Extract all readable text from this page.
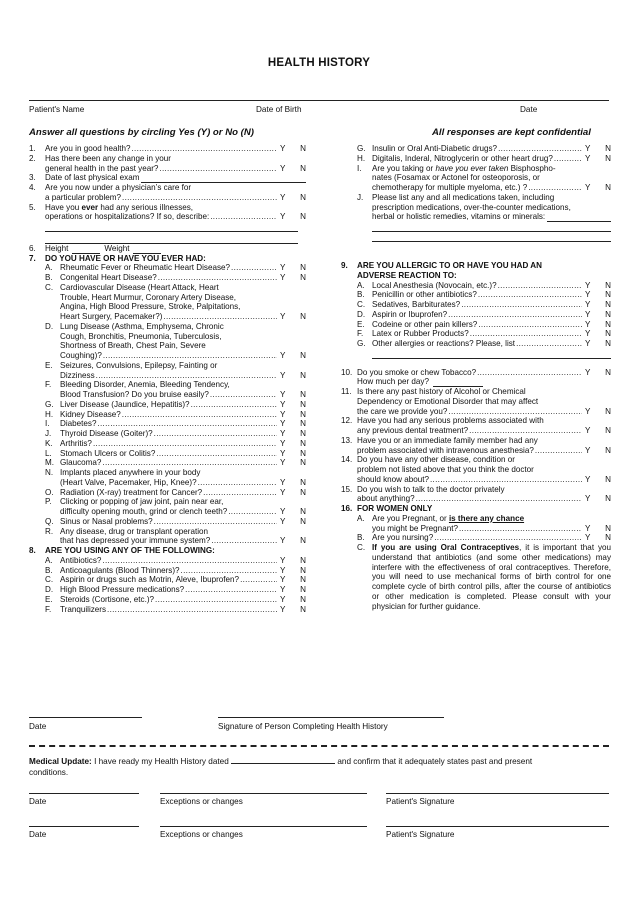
HEALTH HISTORY
Patient's Name	Date of Birth	Date
Answer all questions by circling Yes (Y) or No (N)	All responses are kept confidential
1.	Are you in good health? .....	Y N
2.	Has there been any change in your
general health in the past year? .....	Y N
3.	Date of last physical exam
4.	Are you now under a physician’s care for
a particular problem? .....	Y N
5.	Have you ever had any serious illnesses,
operations or hospitalizations? If so, describe: .....	Y N
6.	Height	Weight
7.	DO YOU HAVE OR HAVE YOU EVER HAD:
A. Rheumatic Fever or Rheumatic Heart Disease? .....	Y N
B. Congenital Heart Disease? .....	Y N
C. Cardiovascular Disease (Heart Attack, Heart
Trouble, Heart Murmur, Coronary Artery Disease,
Angina, High Blood Pressure, Stroke, Palpitations,
Heart Surgery, Pacemaker?) .....	Y N
D. Lung Disease (Asthma, Emphysema, Chronic
Cough, Bronchitis, Pneumonia, Tuberculosis,
Shortness of Breath, Chest Pain, Severe
Coughing)? .....	Y N
E. Seizures, Convulsions, Epilepsy, Fainting or
Dizziness .....	Y N
F.	Bleeding Disorder, Anemia, Bleeding Tendency,
Blood Transfusion? Do you bruise easily? .....	Y N
G. Liver Disease (Jaundice, Hepatitis)? .....	Y N
H. Kidney Disease? .....	Y N
I.	Diabetes? .....	Y N
J.	Thyroid Disease (Goiter)? .....	Y N
K. Arthritis? .....	Y N
L.	Stomach Ulcers or Colitis? .....	Y N
M. Glaucoma? .....	Y N
N. Implants placed anywhere in your body
(Heart Valve, Pacemaker, Hip, Knee)? .....	Y N
O. Radiation (X-ray) treatment for Cancer? .....	Y N
P.	Clicking or popping of jaw joint, pain near ear,
difficulty opening mouth, grind or clench teeth? .....	Y N
Q. Sinus or Nasal problems? .....	Y N
R. Any disease, drug or transplant operation
that has depressed your immune system? .....	Y N
8.	ARE YOU USING ANY OF THE FOLLOWING:
A. Antibiotics? .....	Y N
B. Anticoagulants (Blood Thinners)? .....	Y N
C. Aspirin or drugs such as Motrin, Aleve, Ibuprofen? .....	Y N
D. High Blood Pressure medications? .....	Y N
E. Steroids (Cortisone, etc.)? .....	Y N
F.	Tranquilizers .....	Y N
G. Insulin or Oral Anti-Diabetic drugs? .....	Y N
H. Digitalis, Inderal, Nitroglycerin or other heart drug? .....	Y N
I.	Are you taking or have you ever taken Bisphospho-
nates (Fosamax or Actonel for osteoporosis, or
chemotherapy for multiple myeloma, etc.) ? .....	Y N
J.	Please list any and all medications taken, including
prescription medications, over-the-counter medications,
herbal or holistic remedies, vitamins or minerals:
9.	ARE YOU ALLERGIC TO OR HAVE YOU HAD AN
ADVERSE REACTION TO:
A. Local Anesthesia (Novocain, etc.)? .....	Y N
B. Penicillin or other antibiotics? .....	Y N
C. Sedatives, Barbiturates? .....	Y N
D. Aspirin or Ibuprofen? .....	Y N
E. Codeine or other pain killers? .....	Y N
F.	Latex or Rubber Products? .....	Y N
G. Other allergies or reactions? Please, list .....	Y N
10. Do you smoke or chew Tobacco? .....	Y N
How much per day?
11. Is there any past history of Alcohol or Chemical
Dependency or Emotional Disorder that may affect
the care we provide you? .....	Y N
12. Have you had any serious problems associated with
any previous dental treatment? .....	Y N
13. Have you or an immediate family member had any
problem associated with intravenous anesthesia? .....	Y N
14. Do you have any other disease, condition or
problem not listed above that you think the doctor
should know about? .....	Y N
15. Do you wish to talk to the doctor privately
about anything? .....	Y N
16. FOR WOMEN ONLY
A. Are you Pregnant, or is there any chance
you might be Pregnant? .....	Y N
B. Are you nursing? .....	Y N
C. If you are using Oral Contraceptives, it is important that you understand that antibiotics (and some other medications) may interfere with the effectiveness of oral contraceptives. Therefore, you will need to use mechanical forms of birth control for one complete cycle of birth control pills, after the course of antibiotics or other medication is completed. Please consult with your physician for further guidance.
Date	Signature of Person Completing Health History
Medical Update: I have ready my Health History dated	and confirm that it adequately states past and present
conditions.
Date	Exceptions or changes	Patient's Signature
Date	Exceptions or changes	Patient's Signature
